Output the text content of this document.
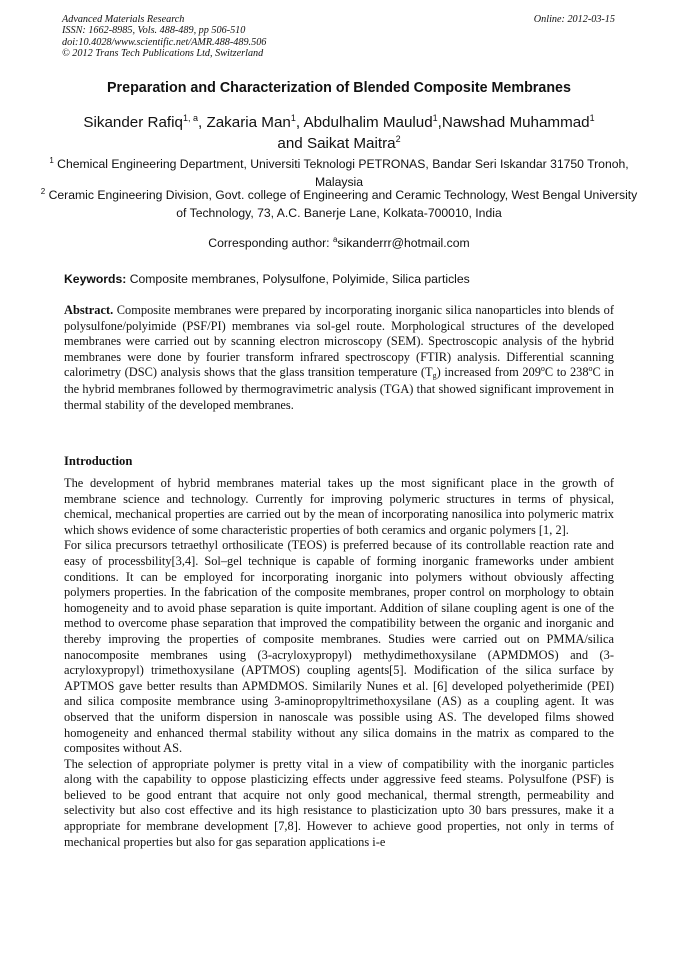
Advanced Materials Research
ISSN: 1662-8985, Vols. 488-489, pp 506-510
doi:10.4028/www.scientific.net/AMR.488-489.506
© 2012 Trans Tech Publications Ltd, Switzerland
Online: 2012-03-15
Preparation and Characterization of Blended Composite Membranes
Sikander Rafiq$^{1, a}$, Zakaria Man$^1$, Abdulhalim Maulud$^1$,Nawshad Muhammad$^1$
and Saikat Maitra$^2$
$^1$ Chemical Engineering Department, Universiti Teknologi PETRONAS, Bandar Seri Iskandar 31750 Tronoh, Malaysia
$^2$ Ceramic Engineering Division, Govt. college of Engineering and Ceramic Technology, West Bengal University of Technology, 73, A.C. Banerje Lane, Kolkata-700010, India
Corresponding author: $^a$sikanderrr@hotmail.com
Keywords: Composite membranes, Polysulfone, Polyimide, Silica particles
Abstract. Composite membranes were prepared by incorporating inorganic silica nanoparticles into blends of polysulfone/polyimide (PSF/PI) membranes via sol-gel route. Morphological structures of the developed membranes were carried out by scanning electron microscopy (SEM). Spectroscopic analysis of the hybrid membranes were done by fourier transform infrared spectroscopy (FTIR) analysis. Differential scanning calorimetry (DSC) analysis shows that the glass transition temperature $(T_g)$ increased from 209$^o$C to 238$^o$C in the hybrid membranes followed by thermogravimetric analysis (TGA) that showed significant improvement in thermal stability of the developed membranes.
Introduction
The development of hybrid membranes material takes up the most significant place in the growth of membrane science and technology. Currently for improving polymeric structures in terms of physical, chemical, mechanical properties are carried out by the mean of incorporating nanosilica into polymeric matrix which shows evidence of some characteristic properties of both ceramics and organic polymers [1, 2].
For silica precursors tetraethyl orthosilicate (TEOS) is preferred because of its controllable reaction rate and easy of processbility[3,4]. Sol–gel technique is capable of forming inorganic frameworks under ambient conditions. It can be employed for incorporating inorganic into polymers without obviously affecting polymers properties. In the fabrication of the composite membranes, proper control on morphology to obtain homogeneity and to avoid phase separation is quite important. Addition of silane coupling agent is one of the method to overcome phase separation that improved the compatibility between the organic and inorganic and thereby improving the properties of composite membranes. Studies were carried out on PMMA/silica nanocomposite membranes using (3-acryloxypropyl) methydimethoxysilane (APMDMOS) and (3-acryloxypropyl) trimethoxysilane (APTMOS) coupling agents[5]. Modification of the silica surface by APTMOS gave better results than APMDMOS. Similarily Nunes et al. [6] developed polyetherimide (PEI) and silica composite membrance using 3-aminopropyltrimethoxysilane (AS) as a coupling agent. It was observed that the uniform dispersion in nanoscale was possible using AS. The developed films showed homogeneity and enhanced thermal stability without any silica domains in the matrix as compared to the composites without AS.
The selection of appropriate polymer is pretty vital in a view of compatibility with the inorganic particles along with the capability to oppose plasticizing effects under aggressive feed steams. Polysulfone (PSF) is believed to be good entrant that acquire not only good mechanical, thermal strength, permeability and selectivity but also cost effective and its high resistance to plasticization upto 30 bars pressures, make it a appropriate for membrane development [7,8]. However to achieve good properties, not only in terms of mechanical properties but also for gas separation applications i-e
